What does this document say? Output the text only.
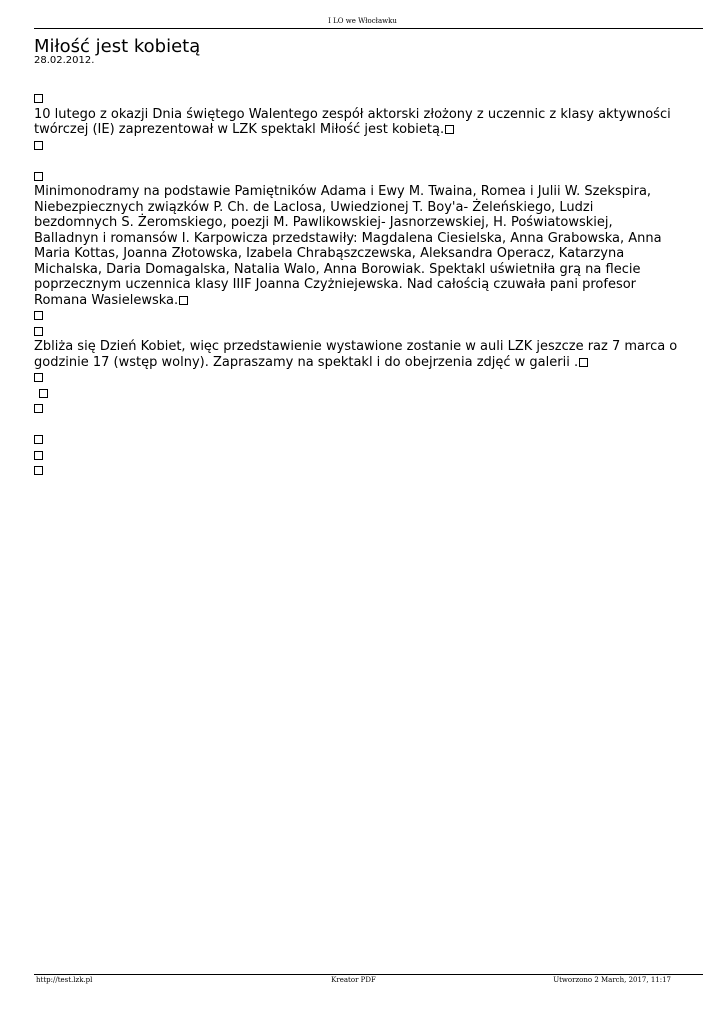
I LO we Włocławku
Miłość jest kobietą
28.02.2012.

10 lutego z okazji Dnia świętego Walentego zespół aktorski złożony z uczennic z klasy aktywności twórczej (IE) zaprezentował w LZK spektakl Miłość jest kobietą.

Minimonodramy na podstawie Pamiętników Adama i Ewy M. Twaina, Romea i Julii W. Szekspira, Niebezpiecznych związków P. Ch. de Laclosa, Uwiedzionej T. Boy'a- Żeleńskiego, Ludzi bezdomnych S. Żeromskiego, poezji M. Pawlikowskiej- Jasnorzewskiej, H. Poświatowskiej, Balladnyn i romansów I. Karpowicza przedstawiły: Magdalena Ciesielska, Anna Grabowska, Anna Maria Kottas, Joanna Złotowska, Izabela Chrabąszczewska, Aleksandra Operacz, Katarzyna Michalska, Daria Domagalska, Natalia Walo, Anna Borowiak. Spektakl uświetniła grą na flecie poprzecznym uczennica klasy IIIF Joanna Czyżniejewska. Nad całością czuwała pani profesor Romana Wasielewska.

Zbliża się Dzień Kobiet, więc przedstawienie wystawione zostanie w auli LZK jeszcze raz 7 marca o godzinie 17 (wstęp wolny). Zapraszamy na spektakl i do obejrzenia zdjęć w galerii .

http://test.lzk.pl	Kreator PDF	Utworzono 2 March, 2017, 11:17
